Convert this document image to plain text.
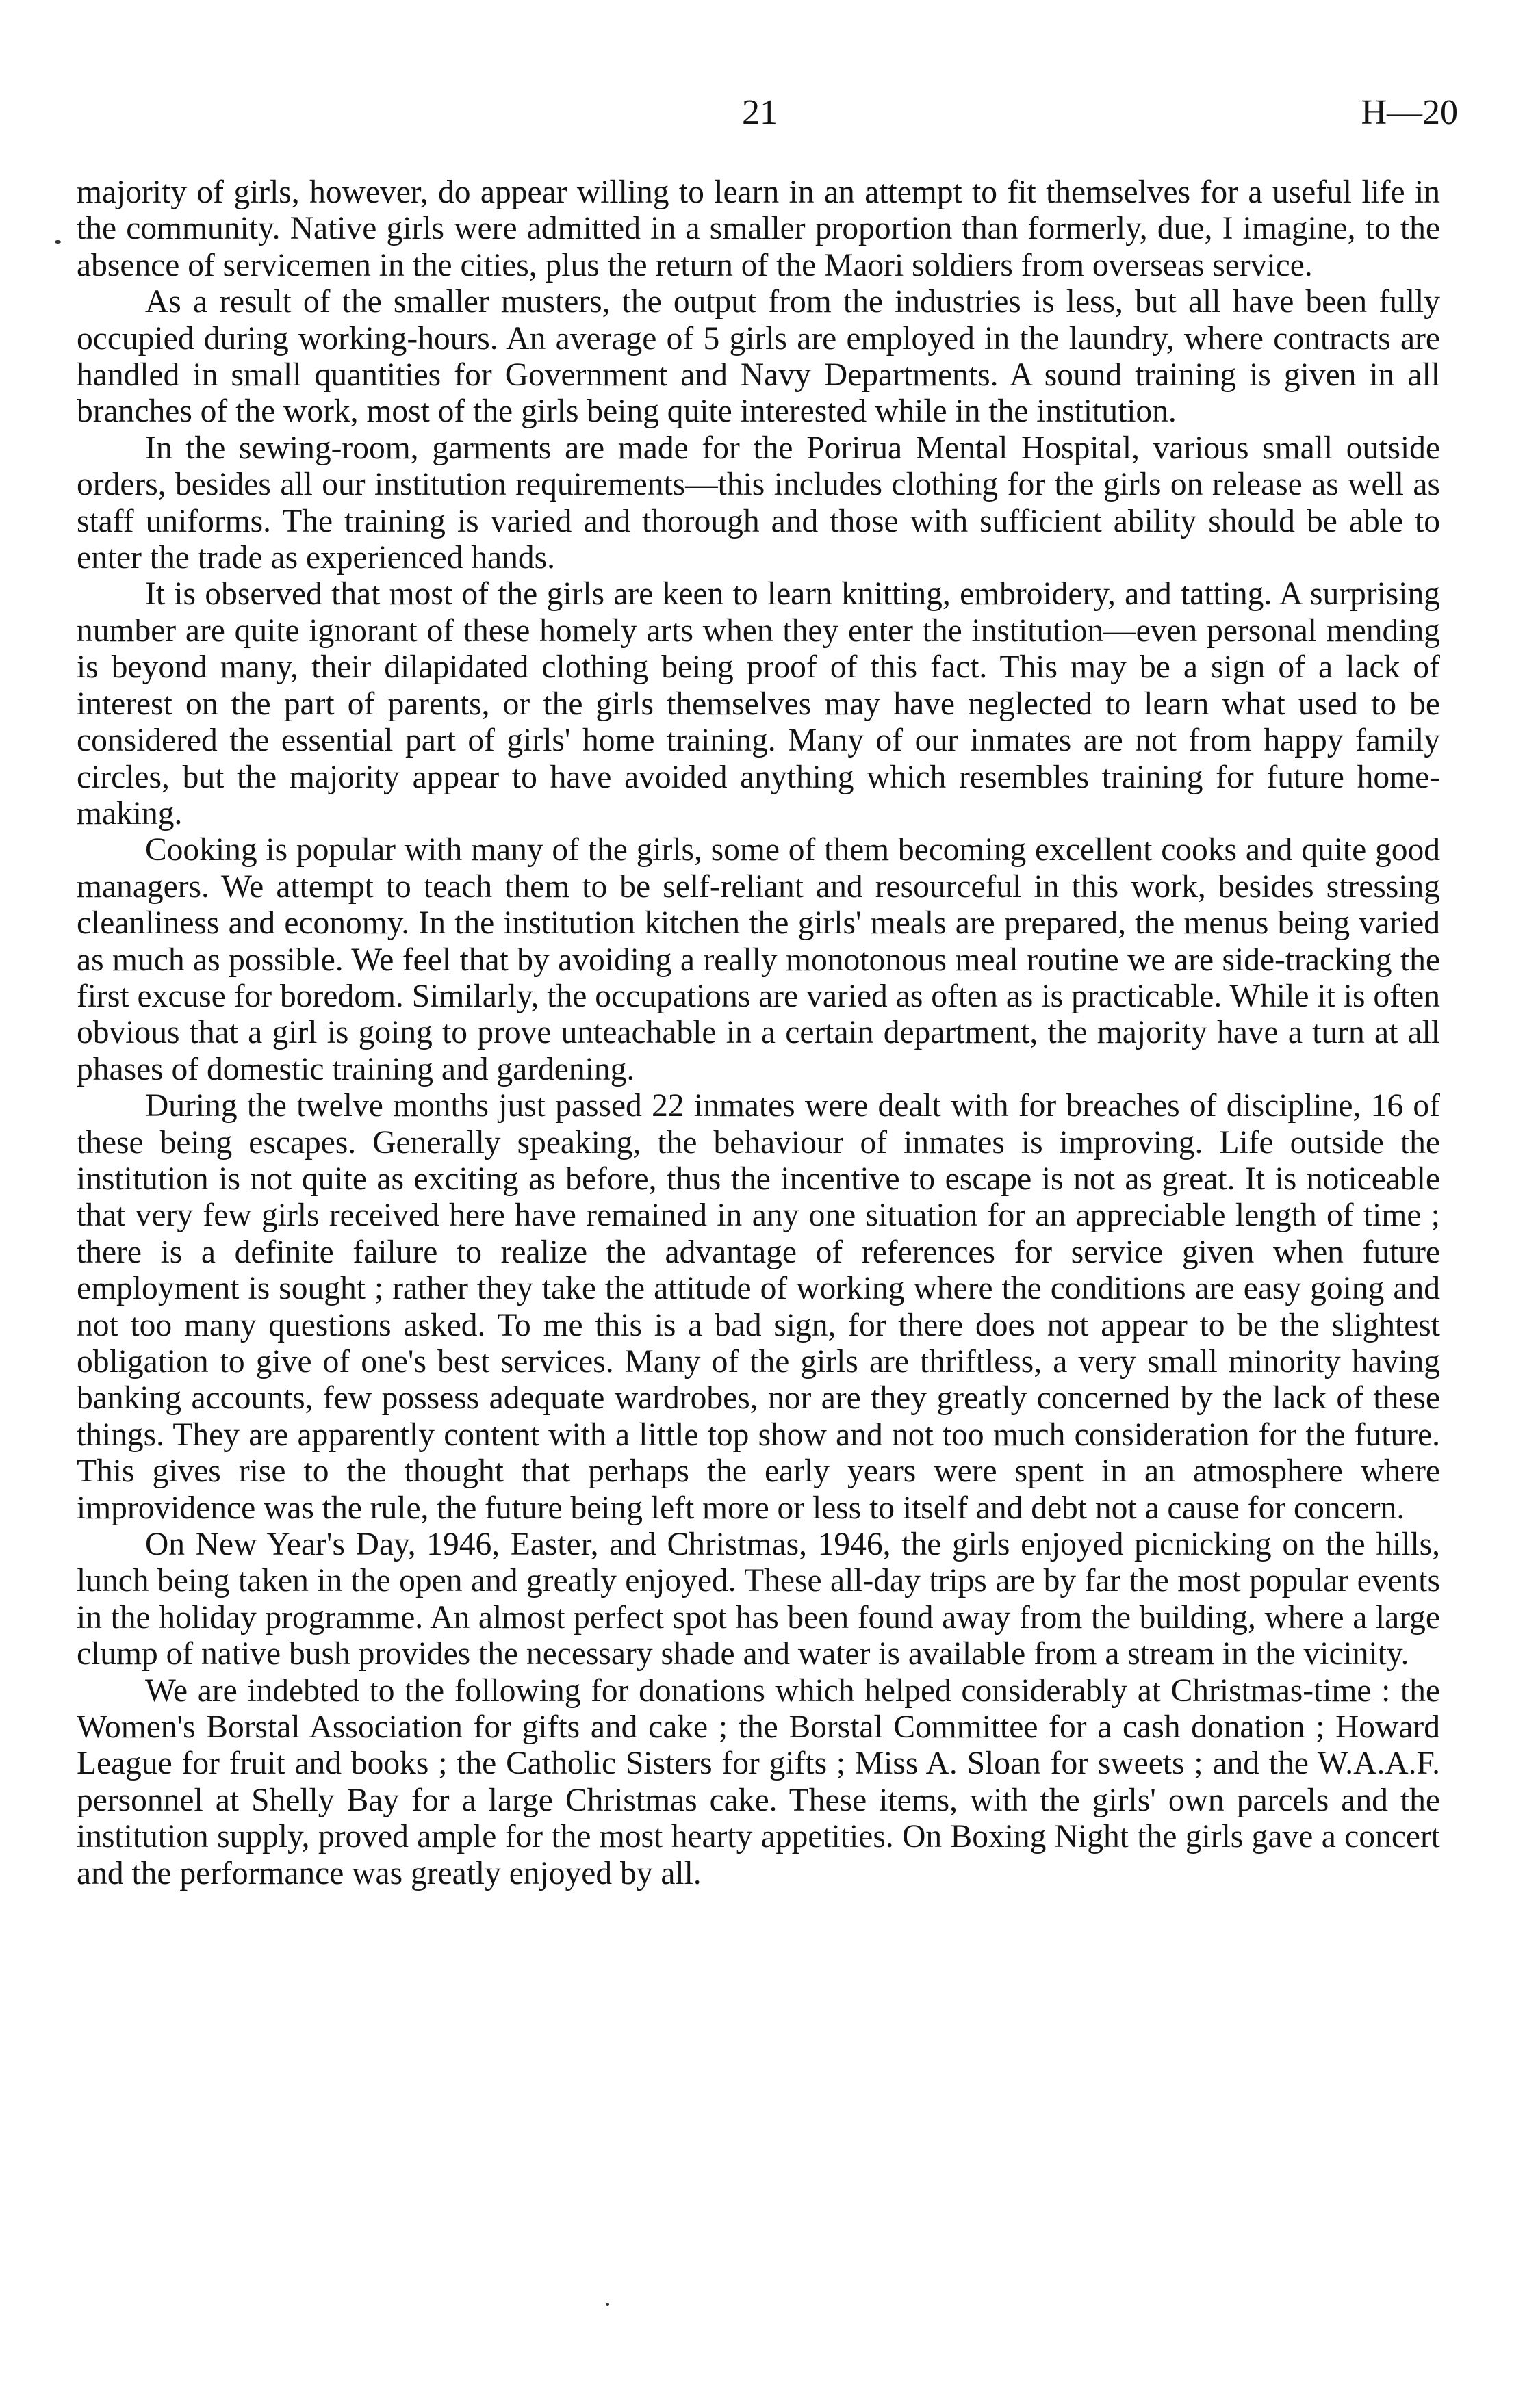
21	H—20

majority of girls, however, do appear willing to learn in an attempt to fit themselves for a useful life in the community. Native girls were admitted in a smaller proportion than formerly, due, I imagine, to the absence of servicemen in the cities, plus the return of the Maori soldiers from overseas service.

As a result of the smaller musters, the output from the industries is less, but all have been fully occupied during working-hours. An average of 5 girls are employed in the laundry, where contracts are handled in small quantities for Government and Navy Departments. A sound training is given in all branches of the work, most of the girls being quite interested while in the institution.

In the sewing-room, garments are made for the Porirua Mental Hospital, various small outside orders, besides all our institution requirements—this includes clothing for the girls on release as well as staff uniforms. The training is varied and thorough and those with sufficient ability should be able to enter the trade as experienced hands.

It is observed that most of the girls are keen to learn knitting, embroidery, and tatting. A surprising number are quite ignorant of these homely arts when they enter the institution—even personal mending is beyond many, their dilapidated clothing being proof of this fact. This may be a sign of a lack of interest on the part of parents, or the girls themselves may have neglected to learn what used to be considered the essential part of girls' home training. Many of our inmates are not from happy family circles, but the majority appear to have avoided anything which resembles training for future home-making.

Cooking is popular with many of the girls, some of them becoming excellent cooks and quite good managers. We attempt to teach them to be self-reliant and resourceful in this work, besides stressing cleanliness and economy. In the institution kitchen the girls' meals are prepared, the menus being varied as much as possible. We feel that by avoiding a really monotonous meal routine we are side-tracking the first excuse for boredom. Similarly, the occupations are varied as often as is practicable. While it is often obvious that a girl is going to prove unteachable in a certain department, the majority have a turn at all phases of domestic training and gardening.

During the twelve months just passed 22 inmates were dealt with for breaches of discipline, 16 of these being escapes. Generally speaking, the behaviour of inmates is improving. Life outside the institution is not quite as exciting as before, thus the incentive to escape is not as great. It is noticeable that very few girls received here have remained in any one situation for an appreciable length of time ; there is a definite failure to realize the advantage of references for service given when future employment is sought ; rather they take the attitude of working where the conditions are easy going and not too many questions asked. To me this is a bad sign, for there does not appear to be the slightest obligation to give of one's best services. Many of the girls are thriftless, a very small minority having banking accounts, few possess adequate wardrobes, nor are they greatly concerned by the lack of these things. They are apparently content with a little top show and not too much consideration for the future. This gives rise to the thought that perhaps the early years were spent in an atmosphere where improvidence was the rule, the future being left more or less to itself and debt not a cause for concern.

On New Year's Day, 1946, Easter, and Christmas, 1946, the girls enjoyed picnicking on the hills, lunch being taken in the open and greatly enjoyed. These all-day trips are by far the most popular events in the holiday programme. An almost perfect spot has been found away from the building, where a large clump of native bush provides the necessary shade and water is available from a stream in the vicinity.

We are indebted to the following for donations which helped considerably at Christmas-time : the Women's Borstal Association for gifts and cake ; the Borstal Committee for a cash donation ; Howard League for fruit and books ; the Catholic Sisters for gifts ; Miss A. Sloan for sweets ; and the W.A.A.F. personnel at Shelly Bay for a large Christmas cake. These items, with the girls' own parcels and the institution supply, proved ample for the most hearty appetities. On Boxing Night the girls gave a concert and the performance was greatly enjoyed by all.
